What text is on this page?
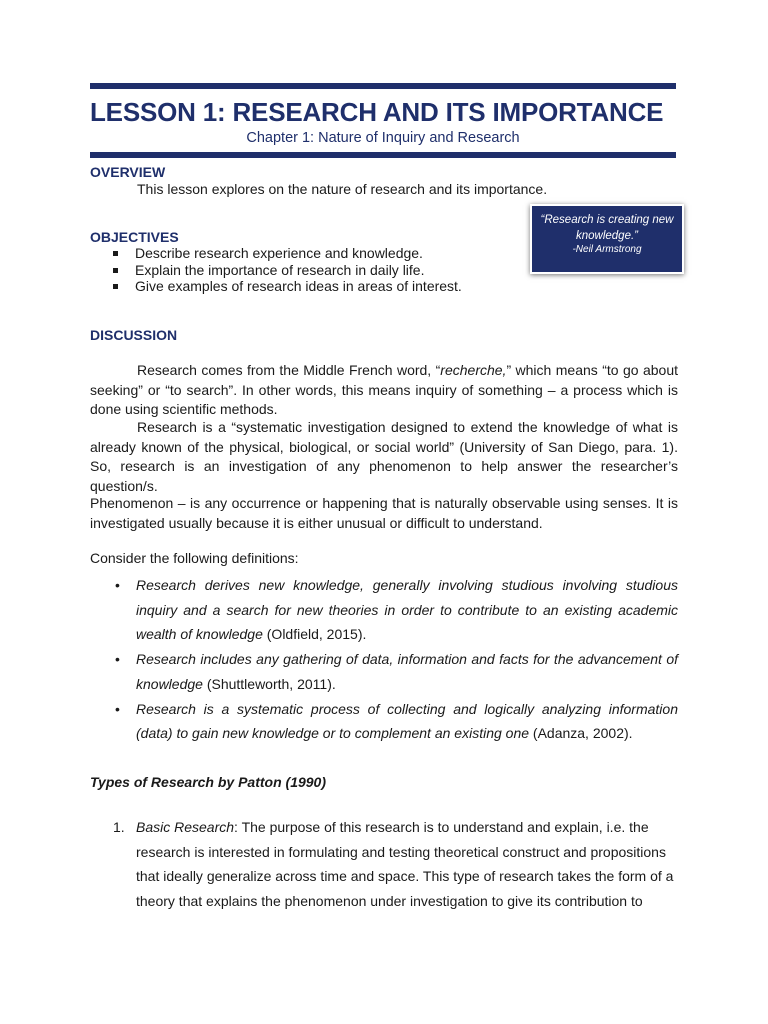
LESSON 1: RESEARCH AND ITS IMPORTANCE
Chapter 1: Nature of Inquiry and Research
OVERVIEW
This lesson explores on the nature of research and its importance.
“Research is creating new
knowledge.”
-Neil Armstrong
OBJECTIVES
Describe research experience and knowledge.
Explain the importance of research in daily life.
Give examples of research ideas in areas of interest.
DISCUSSION
Research comes from the Middle French word, “recherche,” which means “to go about seeking” or “to search”. In other words, this means inquiry of something – a process which is done using scientific methods.
Research is a “systematic investigation designed to extend the knowledge of what is already known of the physical, biological, or social world” (University of San Diego, para. 1). So, research is an investigation of any phenomenon to help answer the researcher’s question/s.
Phenomenon – is any occurrence or happening that is naturally observable using senses. It is investigated usually because it is either unusual or difficult to understand.
Consider the following definitions:
• Research derives new knowledge, generally involving studious involving studious inquiry and a search for new theories in order to contribute to an existing academic wealth of knowledge (Oldfield, 2015).
• Research includes any gathering of data, information and facts for the advancement of knowledge (Shuttleworth, 2011).
• Research is a systematic process of collecting and logically analyzing information (data) to gain new knowledge or to complement an existing one (Adanza, 2002).
Types of Research by Patton (1990)
1. Basic Research: The purpose of this research is to understand and explain, i.e. the research is interested in formulating and testing theoretical construct and propositions that ideally generalize across time and space. This type of research takes the form of a theory that explains the phenomenon under investigation to give its contribution to
